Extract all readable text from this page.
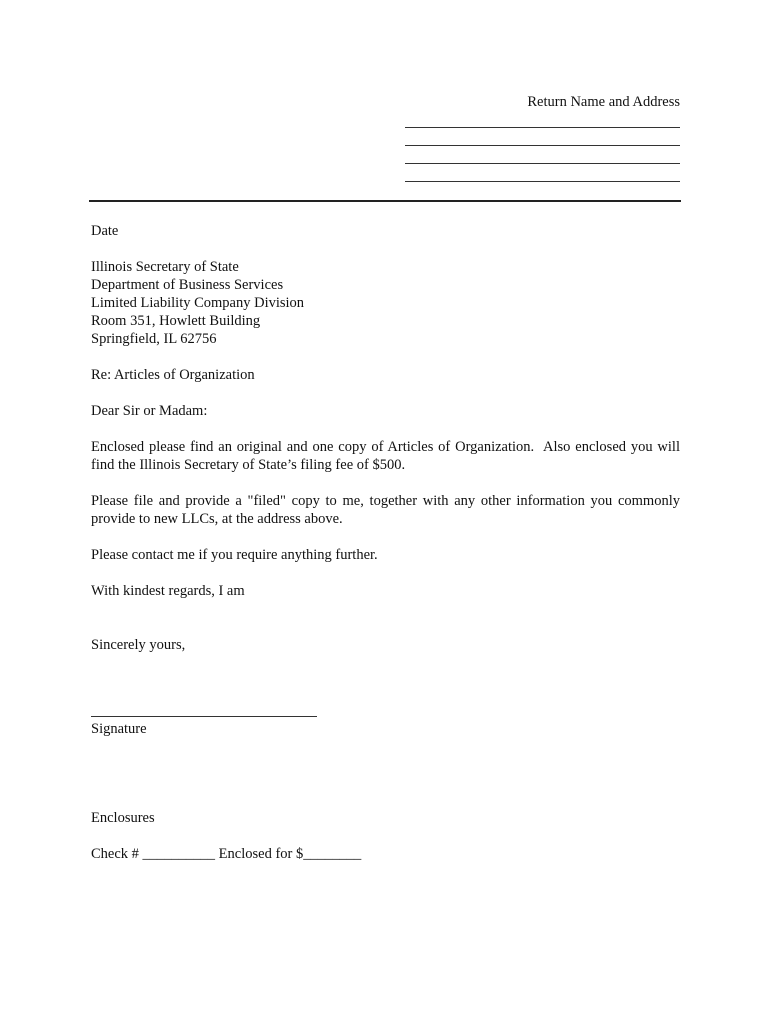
Return Name and Address

Date

Illinois Secretary of State

Department of Business Services

Limited Liability Company Division

Room 351, Howlett Building

Springfield, IL 62756

Re: Articles of Organization

Dear Sir or Madam:

Enclosed please find an original and one copy of Articles of Organization.  Also enclosed you will find the Illinois Secretary of State’s filing fee of $500.

Please file and provide a "filed" copy to me, together with any other information you commonly provide to new LLCs, at the address above.

Please contact me if you require anything further.

With kindest regards, I am

Sincerely yours,

Signature

Enclosures

Check # __________ Enclosed for $________
